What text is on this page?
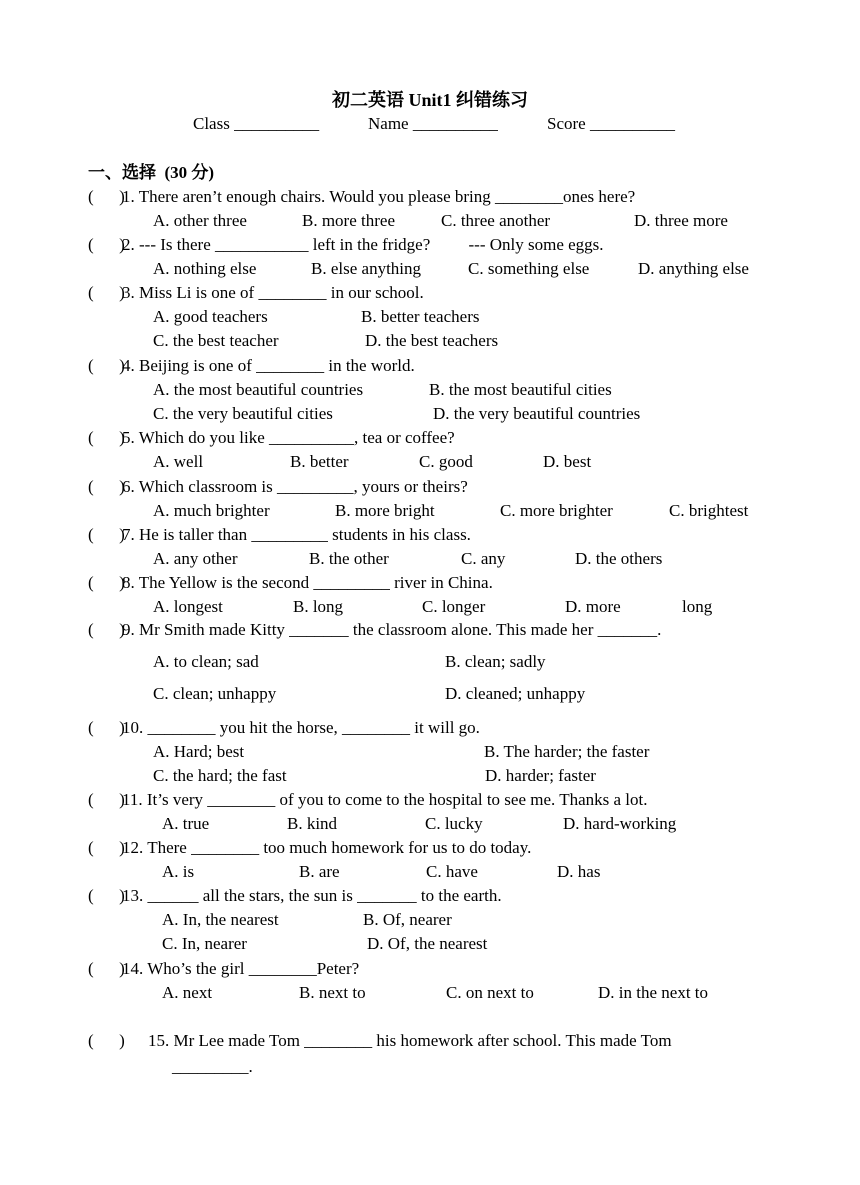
初二英语 Unit1 纠错练习
Class __________	Name __________	Score __________
一、选择  (30 分)
(      )
1. There aren’t enough chairs. Would you please bring ________ones here?
A. other three	B. more three	C. three another	D. three more
(      )
2. --- Is there ___________ left in the fridge?         --- Only some eggs.
A. nothing else	B. else anything	C. something else	D. anything else
(      )
3. Miss Li is one of ________ in our school.
A. good teachers	B. better teachers
C. the best teacher	D. the best teachers
(      )
4. Beijing is one of ________ in the world.
A. the most beautiful countries	B. the most beautiful cities
C. the very beautiful cities	D. the very beautiful countries
(      )
5. Which do you like __________, tea or coffee?
A. well	B. better	C. good	D. best
(      )
6. Which classroom is _________, yours or theirs?
A. much brighter	B. more bright	C. more brighter	C. brightest
(      )
7. He is taller than _________ students in his class.
A. any other	B. the other	C. any	D. the others
(      )
8. The Yellow is the second _________ river in China.
A. longest	B. long	C. longer	D. more	long
(      )
9. Mr Smith made Kitty _______ the classroom alone. This made her _______.
A. to clean; sad	B. clean; sadly
C. clean; unhappy	D. cleaned; unhappy
(      )
10. ________ you hit the horse, ________ it will go.
A. Hard; best	B. The harder; the faster
C. the hard; the fast	D. harder; faster
(      )
11. It’s very ________ of you to come to the hospital to see me. Thanks a lot.
A. true	B. kind	C. lucky	D. hard-working
(      )
12. There ________ too much homework for us to do today.
A. is	B. are	C. have	D. has
(      )
13. ______ all the stars, the sun is _______ to the earth.
A. In, the nearest	B. Of, nearer
C. In, nearer	D. Of, the nearest
(      )
14. Who’s the girl ________Peter?
A. next	B. next to	C. on next to	D. in the next to
(      ) 15. Mr Lee made Tom ________ his homework after school. This made Tom
_________.
